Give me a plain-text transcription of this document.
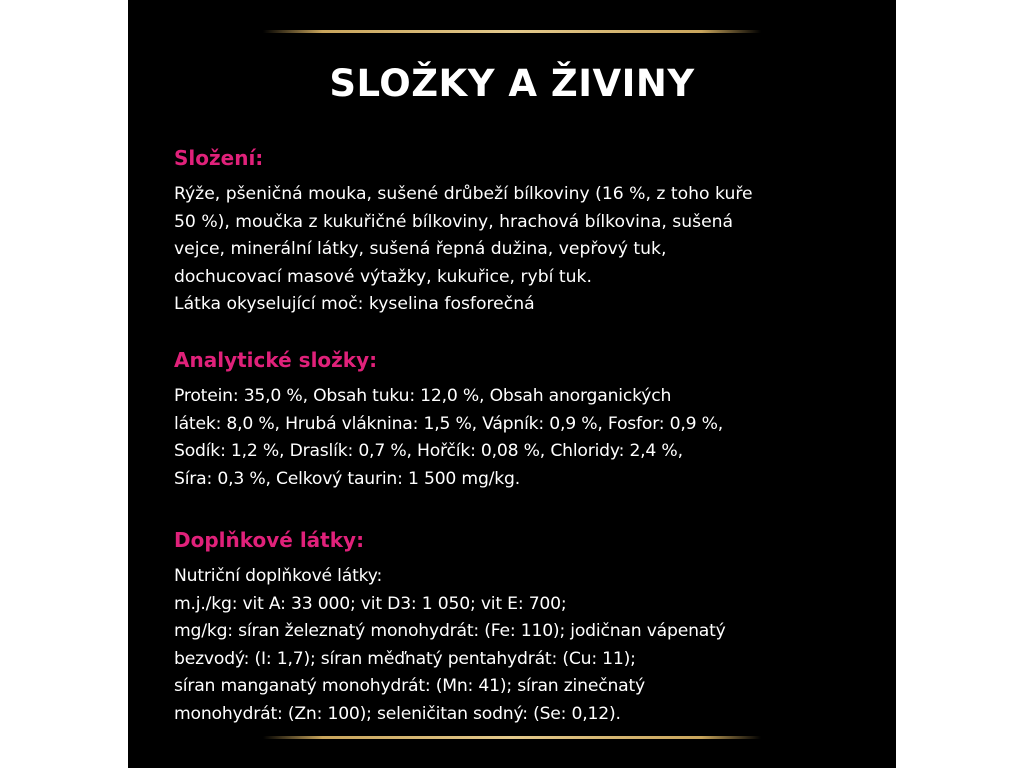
SLOŽKY A ŽIVINY
Složení:

Rýže, pšeničná mouka, sušené drůbeží bílkoviny (16 %, z toho kuře
50 %), moučka z kukuřičné bílkoviny, hrachová bílkovina, sušená
vejce, minerální látky, sušená řepná dužina, vepřový tuk,
dochucovací masové výtažky, kukuřice, rybí tuk.
Látka okyselující moč: kyselina fosforečná

Analytické složky:

Protein: 35,0 %, Obsah tuku: 12,0 %, Obsah anorganických
látek: 8,0 %, Hrubá vláknina: 1,5 %, Vápník: 0,9 %, Fosfor: 0,9 %,
Sodík: 1,2 %, Draslík: 0,7 %, Hořčík: 0,08 %, Chloridy: 2,4 %,
Síra: 0,3 %, Celkový taurin: 1 500 mg/kg.

Doplňkové látky:

Nutriční doplňkové látky:
m.j./kg: vit A: 33 000; vit D3: 1 050; vit E: 700;
mg/kg: síran železnatý monohydrát: (Fe: 110); jodičnan vápenatý
bezvodý: (I: 1,7); síran měďnatý pentahydrát: (Cu: 11);
síran manganatý monohydrát: (Mn: 41); síran zinečnatý
monohydrát: (Zn: 100); seleničitan sodný: (Se: 0,12).
